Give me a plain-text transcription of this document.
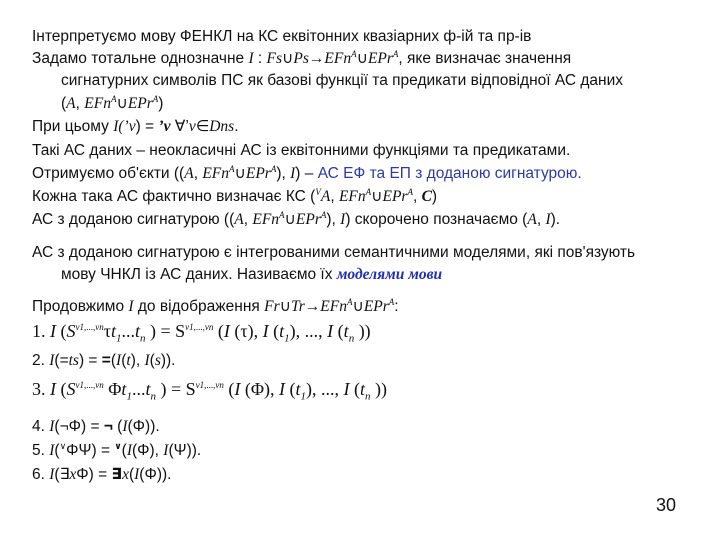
Інтерпретуємо мову ФЕНКЛ на КС еквітонних квазіарних ф-ій та пр-ів
Задамо тотальне однозначне I : Fs∪Ps→EFn$^A$∪EPr$^A$, яке визначає значення
сигнатурних символів ПС як базові функції та предикати відповідної АС даних
(A, EFn$^A$∪EPr$^A$)
При цьому I(’v) = ’v ∀’v∈Dns.
Такі АС даних – неокласичні АС із еквітонними функціями та предикатами.
Отримуємо об'єкти ((A, EFn$^A$∪EPr$^A$), I) – АС ЕФ та ЕП з доданою сигнатурою.
Кожна така АС фактично визначає КС ($^V$A, EFn$^A$∪EPr$^A$, C)
АС з доданою сигнатурою ((A, EFn$^A$∪EPr$^A$), I) скорочено позначаємо (A, I).
АС з доданою сигнатурою є інтегрованими семантичними моделями, які пов'язують
мову ЧНКЛ із АС даних. Називаємо їх моделями мови
Продовжимо I до відображення Fr∪Tr→EFn$^A$∪EPr$^A$:
1. I ($S^{v1,...,vn}\tau t_1...t_n$ ) = $S^{v1,...,vn}$ (I (τ), I $(t_1)$, ..., I ($t_n$ ))
2. I(=ts) = =(I(t), I(s)).
3. I ($S^{v1,...,vn}$ $\Phi t_1...t_n$ ) = $S^{v1,...,vn}$ (I (Φ), I $(t_1)$, ..., I ($t_n$ ))
4. I(¬Φ) = ¬ (I(Φ)).
5. I(∨ΦΨ) = ∨(I(Φ), I(Ψ)).
6. I(∃xΦ) = ∃x(I(Φ)).
30
